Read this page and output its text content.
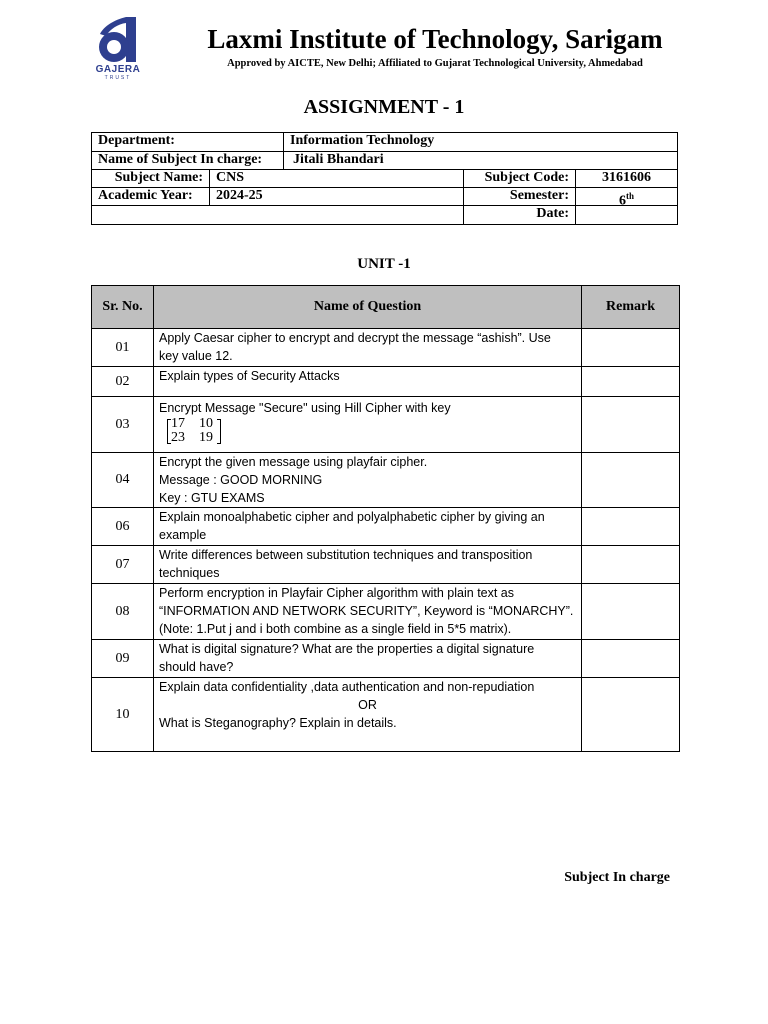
GAJERA
TRUST
Laxmi Institute of Technology, Sarigam
Approved by AICTE, New Delhi; Affiliated to Gujarat Technological University, Ahmedabad
ASSIGNMENT - 1
Department:	Information Technology
Name of Subject In charge:	Jitali Bhandari
Subject Name: CNS	Subject Code:	3161606
Academic Year:	2024-25	Semester:	6th
Date:
UNIT -1
Sr. No.	Name of Question	Remark
01	Apply Caesar cipher to encrypt and decrypt the message “ashish”. Use
key value 12.	

02	Explain types of Security Attacks	

03	Encrypt Message "Secure" using Hill Cipher with key
17 10
23 19	
04	Encrypt the given message using playfair cipher.
Message : GOOD MORNING
Key : GTU EXAMS	

06	Explain monoalphabetic cipher and polyalphabetic cipher by giving an
example	

07	Write differences between substitution techniques and transposition
techniques	

08	Perform encryption in Playfair Cipher algorithm with plain text as
“INFORMATION AND NETWORK SECURITY”, Keyword is “MONARCHY”.
(Note: 1.Put j and i both combine as a single field in 5*5 matrix).	

09	What is digital signature? What are the properties a digital signature
should have?	

10	Explain data confidentiality ,data authentication and non-repudiation
OR
What is Steganography? Explain in details.	

Subject In charge
